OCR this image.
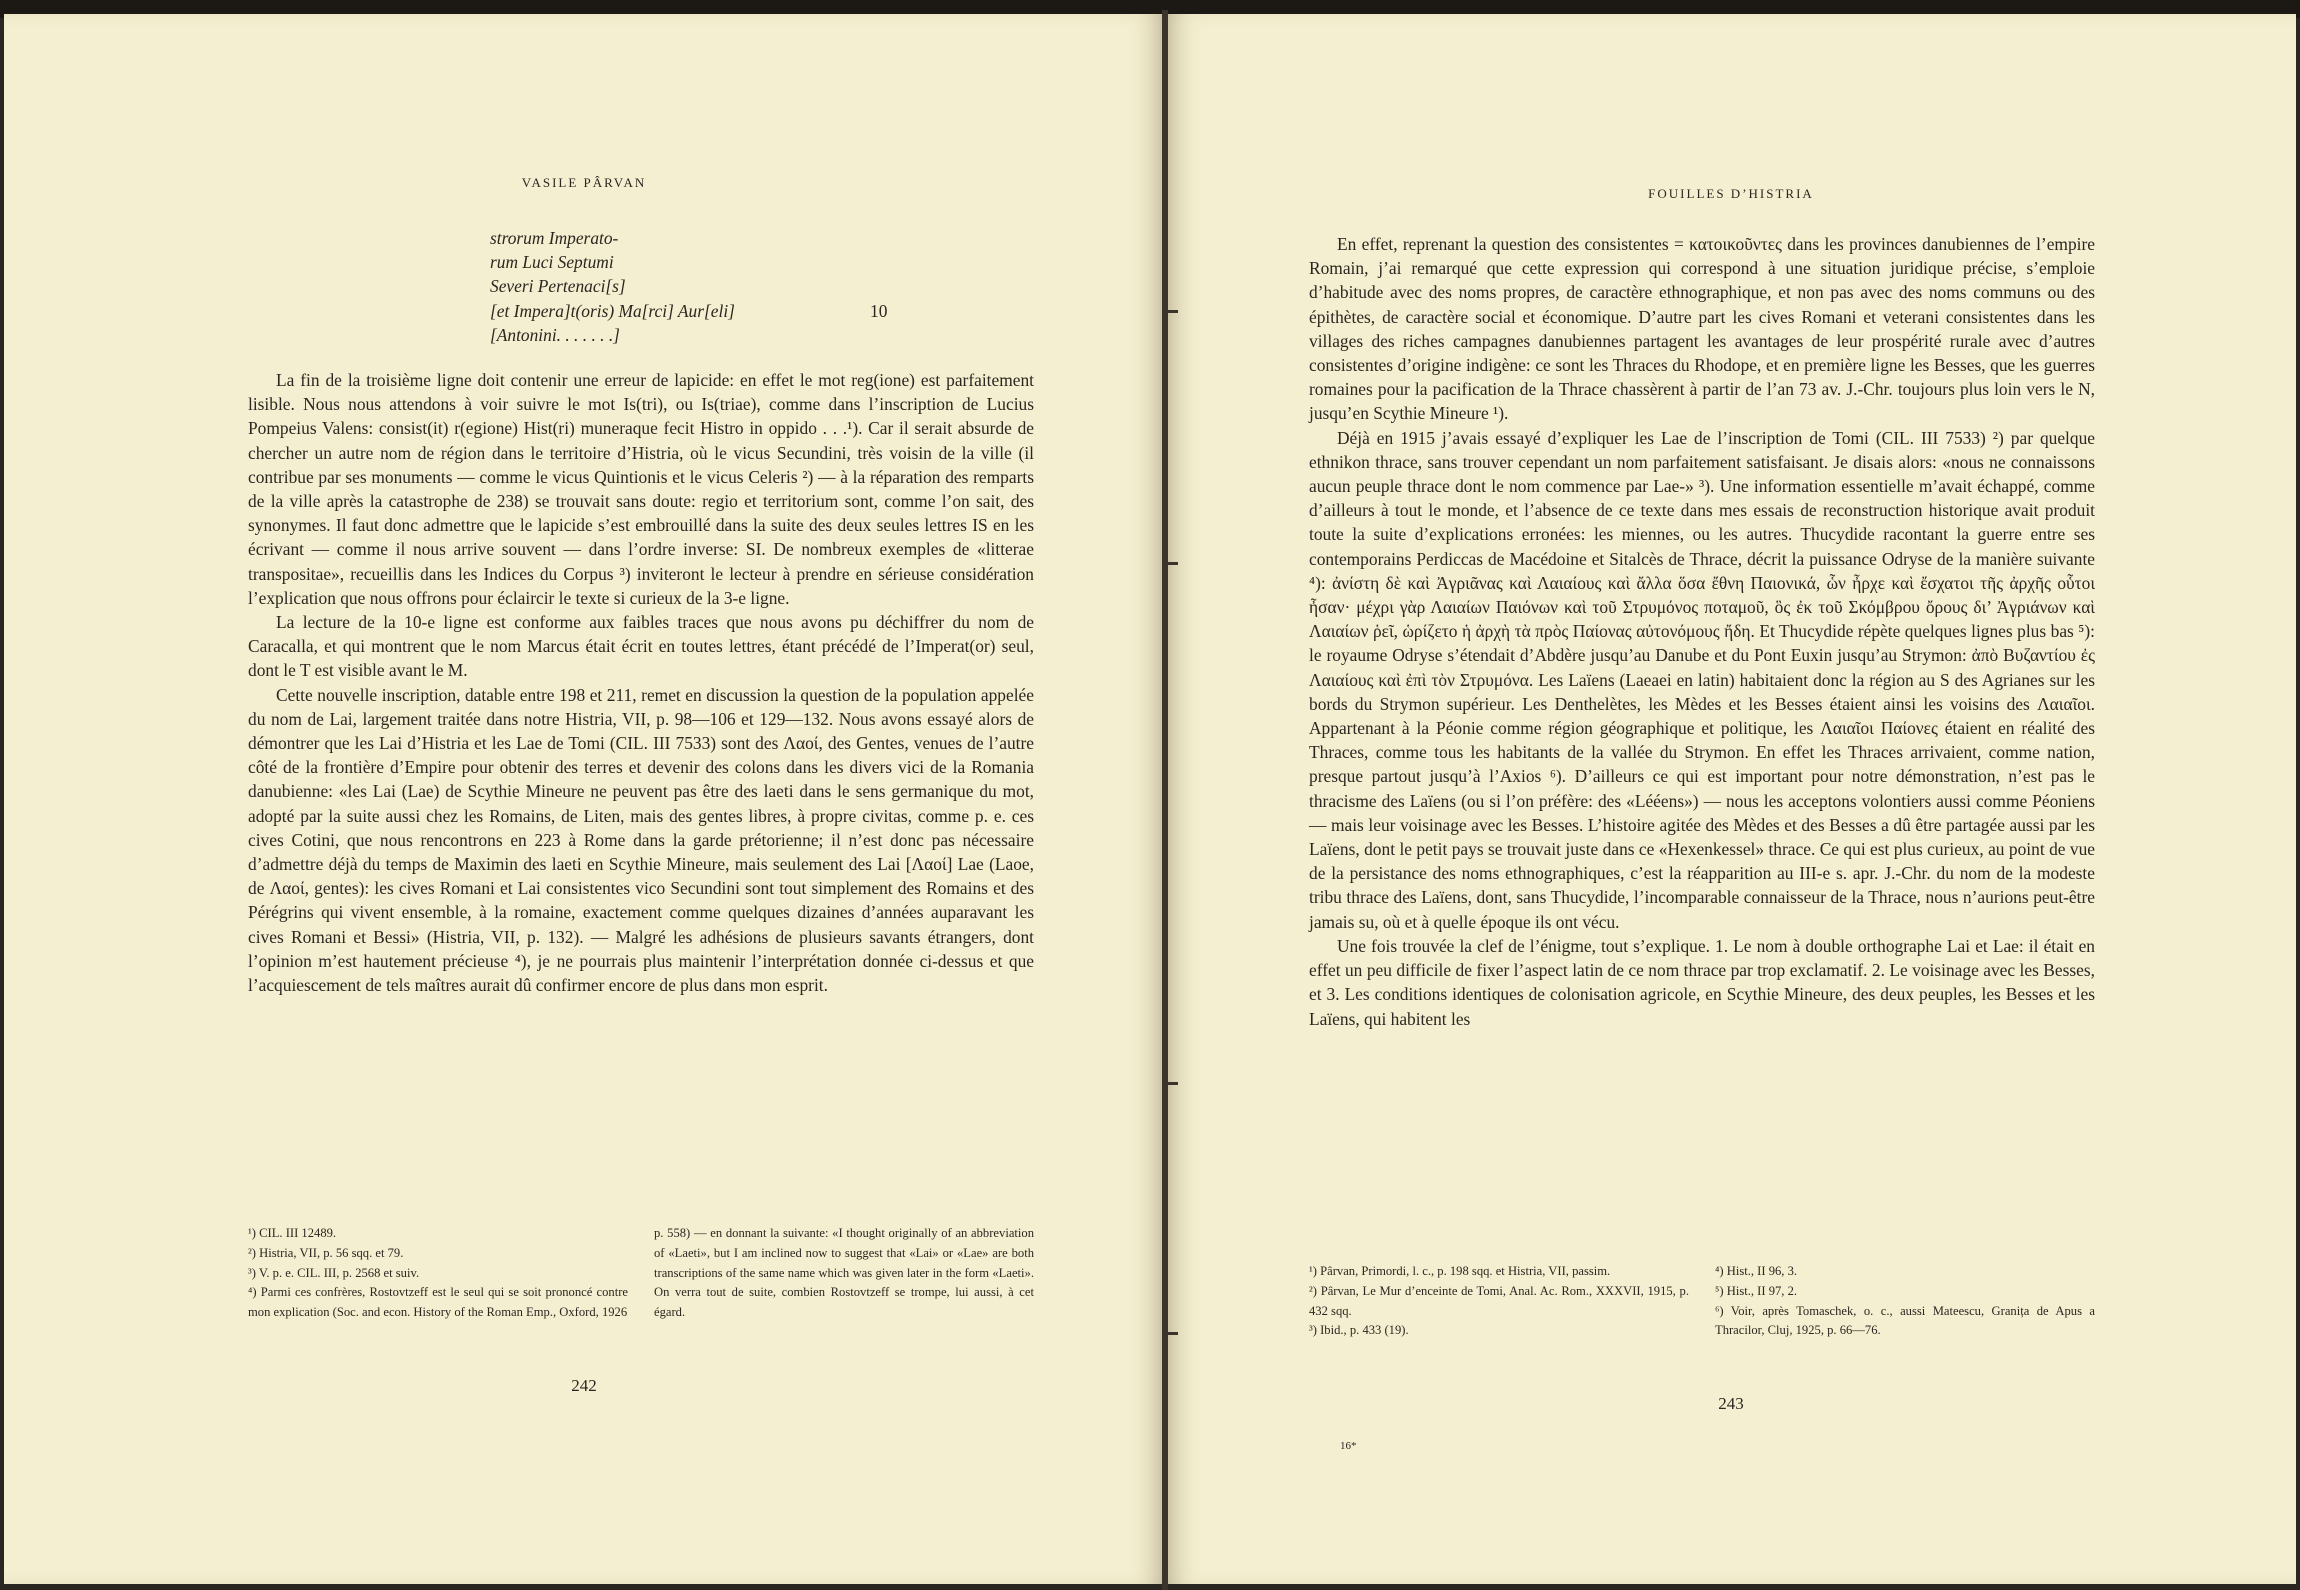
VASILE PÂRVAN
strorum Imperato-
rum Luci Septumi
Severi Pertenaci[s]
[et Impera]t(oris) Ma[rci] Aur[eli]
[Antonini. . . . . . .]
10

La fin de la troisième ligne doit contenir une erreur de lapicide: en effet le mot reg(ione) est parfaitement lisible. Nous nous attendons à voir suivre le mot Is(tri), ou Is(triae), comme dans l’inscription de Lucius Pompeius Valens: consist(it) r(egione) Hist(ri) muneraque fecit Histro in oppido . . .¹). Car il serait absurde de chercher un autre nom de région dans le territoire d’Histria, où le vicus Secundini, très voisin de la ville (il contribue par ses monuments — comme le vicus Quintionis et le vicus Celeris ²) — à la réparation des remparts de la ville après la catastrophe de 238) se trouvait sans doute: regio et territorium sont, comme l’on sait, des synonymes. Il faut donc admettre que le lapicide s’est embrouillé dans la suite des deux seules lettres IS en les écrivant — comme il nous arrive souvent — dans l’ordre inverse: SI. De nombreux exemples de «litterae transpositae», recueillis dans les Indices du Corpus ³) inviteront le lecteur à prendre en sérieuse considération l’explication que nous offrons pour éclaircir le texte si curieux de la 3-e ligne.

La lecture de la 10-e ligne est conforme aux faibles traces que nous avons pu déchiffrer du nom de Caracalla, et qui montrent que le nom Marcus était écrit en toutes lettres, étant précédé de l’Imperat(or) seul, dont le T est visible avant le M.

Cette nouvelle inscription, datable entre 198 et 211, remet en discussion la question de la population appelée du nom de Lai, largement traitée dans notre Histria, VII, p. 98—106 et 129—132. Nous avons essayé alors de démontrer que les Lai d’Histria et les Lae de Tomi (CIL. III 7533) sont des Λαοί, des Gentes, venues de l’autre côté de la frontière d’Empire pour obtenir des terres et devenir des colons dans les divers vici de la Romania danubienne: «les Lai (Lae) de Scythie Mineure ne peuvent pas être des laeti dans le sens germanique du mot, adopté par la suite aussi chez les Romains, de Liten, mais des gentes libres, à propre civitas, comme p. e. ces cives Cotini, que nous rencontrons en 223 à Rome dans la garde prétorienne; il n’est donc pas nécessaire d’admettre déjà du temps de Maximin des laeti en Scythie Mineure, mais seulement des Lai [Λαοί] Lae (Laoe, de Λαοί, gentes): les cives Romani et Lai consistentes vico Secundini sont tout simplement des Romains et des Pérégrins qui vivent ensemble, à la romaine, exactement comme quelques dizaines d’années auparavant les cives Romani et Bessi» (Histria, VII, p. 132). — Malgré les adhésions de plusieurs savants étrangers, dont l’opinion m’est hautement précieuse ⁴), je ne pourrais plus maintenir l’interprétation donnée ci-dessus et que l’acquiescement de tels maîtres aurait dû confirmer encore de plus dans mon esprit.

¹) CIL. III 12489.

²) Histria, VII, p. 56 sqq. et 79.

³) V. p. e. CIL. III, p. 2568 et suiv.

⁴) Parmi ces confrères, Rostovtzeff est le seul qui se soit prononcé contre mon explication (Soc. and econ. History of the Roman Emp., Oxford, 1926

p. 558) — en donnant la suivante: «I thought originally of an abbreviation of «Laeti», but I am inclined now to suggest that «Lai» or «Lae» are both transcriptions of the same name which was given later in the form «Laeti». On verra tout de suite, combien Rostovtzeff se trompe, lui aussi, à cet égard.

242
FOUILLES D’HISTRIA

En effet, reprenant la question des consistentes = κατοικοῦντες dans les provinces danubiennes de l’empire Romain, j’ai remarqué que cette expression qui correspond à une situation juridique précise, s’emploie d’habitude avec des noms propres, de caractère ethnographique, et non pas avec des noms communs ou des épithètes, de caractère social et économique. D’autre part les cives Romani et veterani consistentes dans les villages des riches campagnes danubiennes partagent les avantages de leur prospérité rurale avec d’autres consistentes d’origine indigène: ce sont les Thraces du Rhodope, et en première ligne les Besses, que les guerres romaines pour la pacification de la Thrace chassèrent à partir de l’an 73 av. J.-Chr. toujours plus loin vers le N, jusqu’en Scythie Mineure ¹).

Déjà en 1915 j’avais essayé d’expliquer les Lae de l’inscription de Tomi (CIL. III 7533) ²) par quelque ethnikon thrace, sans trouver cependant un nom parfaitement satisfaisant. Je disais alors: «nous ne connaissons aucun peuple thrace dont le nom commence par Lae-» ³). Une information essentielle m’avait échappé, comme d’ailleurs à tout le monde, et l’absence de ce texte dans mes essais de reconstruction historique avait produit toute la suite d’explications erronées: les miennes, ou les autres. Thucydide racontant la guerre entre ses contemporains Perdiccas de Macédoine et Sitalcès de Thrace, décrit la puissance Odryse de la manière suivante ⁴): ἀνίστη δὲ καὶ Ἀγριᾶνας καὶ Λαιαίους καὶ ἄλλα ὅσα ἔθνη Παιονικά, ὧν ἦρχε καὶ ἔσχατοι τῆς ἀρχῆς οὗτοι ἦσαν· μέχρι γὰρ Λαιαίων Παιόνων καὶ τοῦ Στρυμόνος ποταμοῦ, ὃς ἐκ τοῦ Σκόμβρου ὄρους δι’ Ἀγριάνων καὶ Λαιαίων ῥεῖ, ὡρίζετο ἡ ἀρχὴ τὰ πρὸς Παίονας αὐτονόμους ἤδη. Et Thucydide répète quelques lignes plus bas ⁵): le royaume Odryse s’étendait d’Abdère jusqu’au Danube et du Pont Euxin jusqu’au Strymon: ἀπὸ Βυζαντίου ἐς Λαιαίους καὶ ἐπὶ τὸν Στρυμόνα. Les Laïens (Laeaei en latin) habitaient donc la région au S des Agrianes sur les bords du Strymon supérieur. Les Denthelètes, les Mèdes et les Besses étaient ainsi les voisins des Λαιαῖοι. Appartenant à la Péonie comme région géographique et politique, les Λαιαῖοι Παίονες étaient en réalité des Thraces, comme tous les habitants de la vallée du Strymon. En effet les Thraces arrivaient, comme nation, presque partout jusqu’à l’Axios ⁶). D’ailleurs ce qui est important pour notre démonstration, n’est pas le thracisme des Laïens (ou si l’on préfère: des «Lééens») — nous les acceptons volontiers aussi comme Péoniens — mais leur voisinage avec les Besses. L’histoire agitée des Mèdes et des Besses a dû être partagée aussi par les Laïens, dont le petit pays se trouvait juste dans ce «Hexenkessel» thrace. Ce qui est plus curieux, au point de vue de la persistance des noms ethnographiques, c’est la réapparition au III-e s. apr. J.-Chr. du nom de la modeste tribu thrace des Laïens, dont, sans Thucydide, l’incomparable connaisseur de la Thrace, nous n’aurions peut-être jamais su, où et à quelle époque ils ont vécu.

Une fois trouvée la clef de l’énigme, tout s’explique. 1. Le nom à double orthographe Lai et Lae: il était en effet un peu difficile de fixer l’aspect latin de ce nom thrace par trop exclamatif. 2. Le voisinage avec les Besses, et 3. Les conditions identiques de colonisation agricole, en Scythie Mineure, des deux peuples, les Besses et les Laïens, qui habitent les

¹) Pârvan, Primordi, l. c., p. 198 sqq. et Histria, VII, passim.

²) Pârvan, Le Mur d’enceinte de Tomi, Anal. Ac. Rom., XXXVII, 1915, p. 432 sqq.

³) Ibid., p. 433 (19).

⁴) Hist., II 96, 3.

⁵) Hist., II 97, 2.

⁶) Voir, après Tomaschek, o. c., aussi Mateescu, Granița de Apus a Thracilor, Cluj, 1925, p. 66—76.

243
16*
